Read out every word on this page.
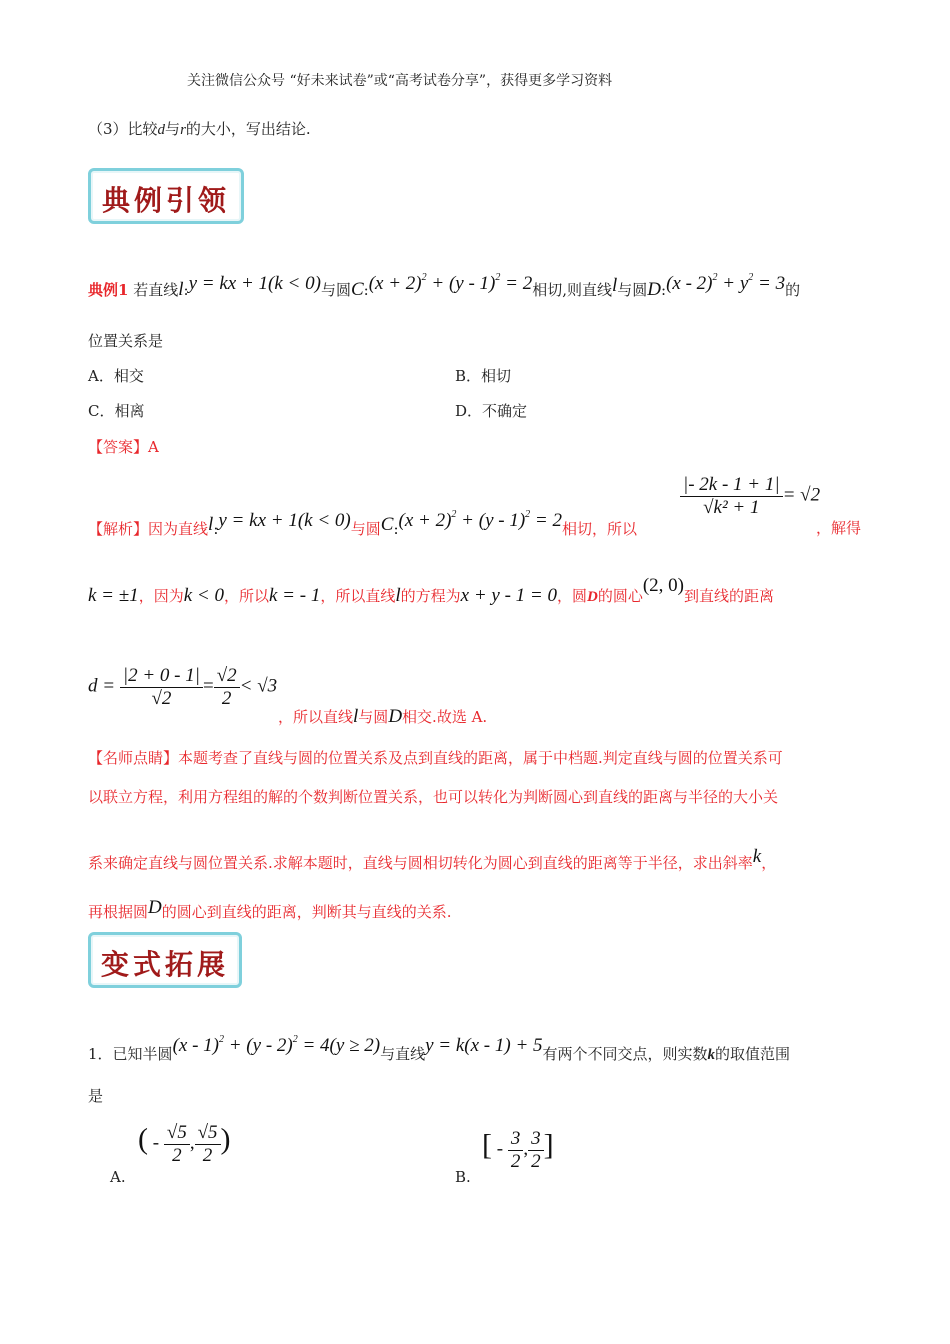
关注微信公众号 “好未来试卷”或“高考试卷分享”，获得更多学习资料
（3）比较d与r的大小，写出结论.
典例引领
典例1 若直线l:y = kx + 1(k < 0)与圆C:(x + 2)$^2$ + (y - 1)$^2$ = 2相切,则直线l与圆D:(x - $2)^2 + y^2 = 3$的
位置关系是
A．相交	B．相切
C．相离	D．不确定
【答案】A
【解析】因为直线l:y = kx + 1(k < 0)与圆C:(x + 2)$^2$ + (y - 1)$^2$ = 2相切，所以
$\frac{|- 2k - 1 + 1|}{\text{√k² + 1}} = √2$
，解得
k = ±1，因为k < 0，所以k = - 1，所以直线l的方程为x + y - 1 = 0，圆D的圆心(2, 0)到直线的距离
$d = \frac{|2 + 0 - 1|}{√2} = \frac{√2}{2} < √3$
，所以直线l与圆D相交.故选 A.
【名师点睛】本题考查了直线与圆的位置关系及点到直线的距离，属于中档题.判定直线与圆的位置关系可
以联立方程，利用方程组的解的个数判断位置关系，也可以转化为判断圆心到直线的距离与半径的大小关
系来确定直线与圆位置关系.求解本题时，直线与圆相切转化为圆心到直线的距离等于半径，求出斜率k，
再根据圆D的圆心到直线的距离，判断其与直线的关系.
变式拓展
1．已知半圆(x - 1)$^2$ + (y - 2)$^2$ = 4(y ≥ 2)与直线y = k(x - 1) + 5有两个不同交点，则实数k的取值范围
是
A.
( - $\frac{√5}{2}$ , $\frac{√5}{2}$ )
B.
[ - $\frac{3}{2}$ , $\frac{3}{2}$ ]
